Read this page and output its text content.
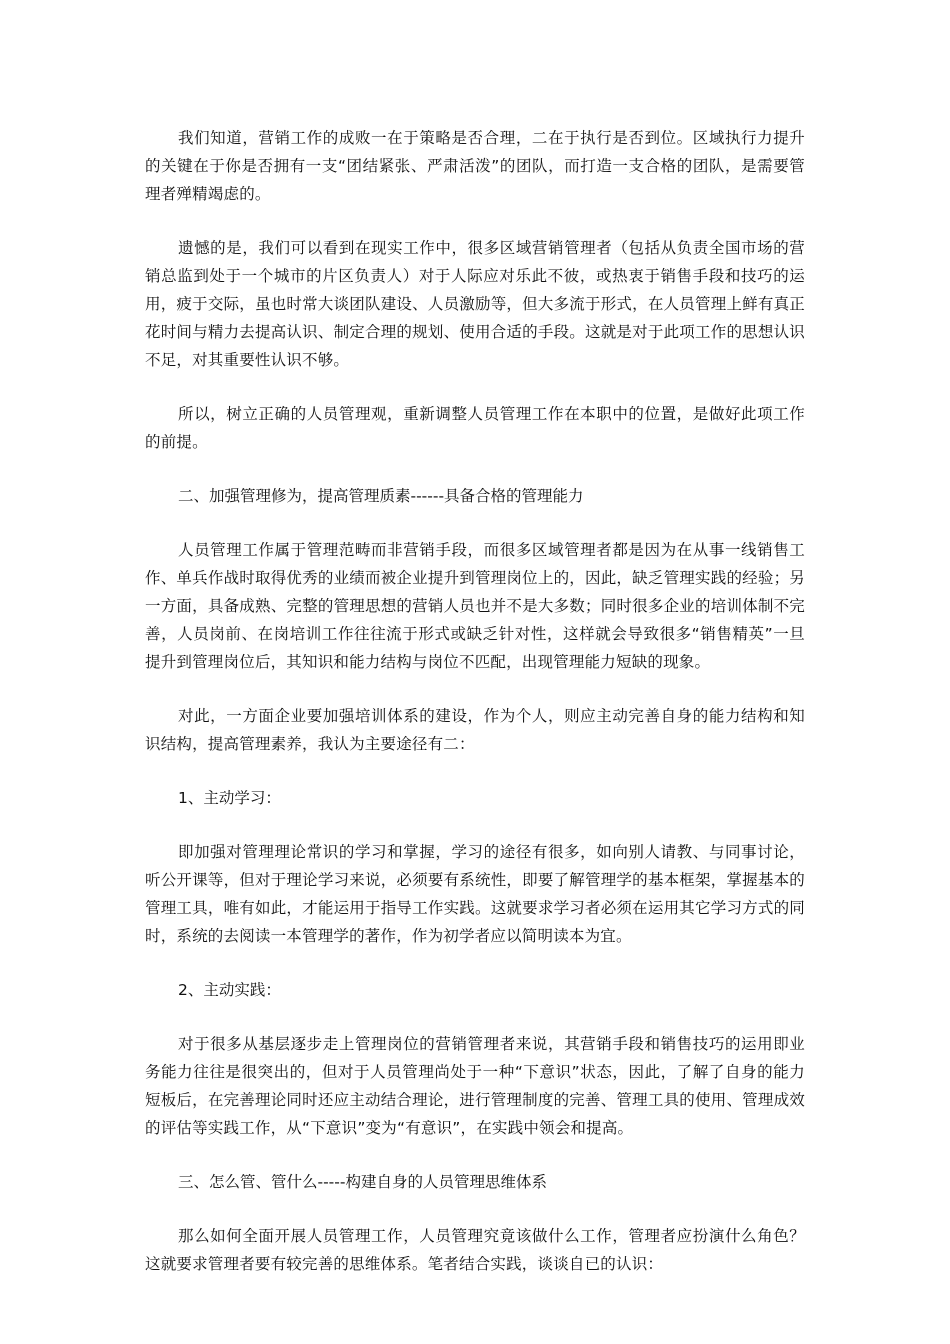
我们知道，营销工作的成败一在于策略是否合理，二在于执行是否到位。区域执行力提升的关键在于你是否拥有一支“团结紧张、严肃活泼”的团队，而打造一支合格的团队，是需要管理者殚精竭虑的。

遗憾的是，我们可以看到在现实工作中，很多区域营销管理者（包括从负责全国市场的营销总监到处于一个城市的片区负责人）对于人际应对乐此不彼，或热衷于销售手段和技巧的运用，疲于交际，虽也时常大谈团队建设、人员激励等，但大多流于形式，在人员管理上鲜有真正花时间与精力去提高认识、制定合理的规划、使用合适的手段。这就是对于此项工作的思想认识不足，对其重要性认识不够。

所以，树立正确的人员管理观，重新调整人员管理工作在本职中的位置，是做好此项工作的前提。

二、加强管理修为，提高管理质素------具备合格的管理能力

人员管理工作属于管理范畴而非营销手段，而很多区域管理者都是因为在从事一线销售工作、单兵作战时取得优秀的业绩而被企业提升到管理岗位上的，因此，缺乏管理实践的经验；另一方面，具备成熟、完整的管理思想的营销人员也并不是大多数；同时很多企业的培训体制不完善，人员岗前、在岗培训工作往往流于形式或缺乏针对性，这样就会导致很多“销售精英”一旦提升到管理岗位后，其知识和能力结构与岗位不匹配，出现管理能力短缺的现象。

对此，一方面企业要加强培训体系的建设，作为个人，则应主动完善自身的能力结构和知识结构，提高管理素养，我认为主要途径有二：

1、主动学习：

即加强对管理理论常识的学习和掌握，学习的途径有很多，如向别人请教、与同事讨论，听公开课等，但对于理论学习来说，必须要有系统性，即要了解管理学的基本框架，掌握基本的管理工具，唯有如此，才能运用于指导工作实践。这就要求学习者必须在运用其它学习方式的同时，系统的去阅读一本管理学的著作，作为初学者应以简明读本为宜。

2、主动实践：

对于很多从基层逐步走上管理岗位的营销管理者来说，其营销手段和销售技巧的运用即业务能力往往是很突出的，但对于人员管理尚处于一种“下意识”状态，因此，了解了自身的能力短板后，在完善理论同时还应主动结合理论，进行管理制度的完善、管理工具的使用、管理成效的评估等实践工作，从“下意识”变为“有意识”，在实践中领会和提高。

三、怎么管、管什么-----构建自身的人员管理思维体系

那么如何全面开展人员管理工作，人员管理究竟该做什么工作，管理者应扮演什么角色？这就要求管理者要有较完善的思维体系。笔者结合实践，谈谈自已的认识：
